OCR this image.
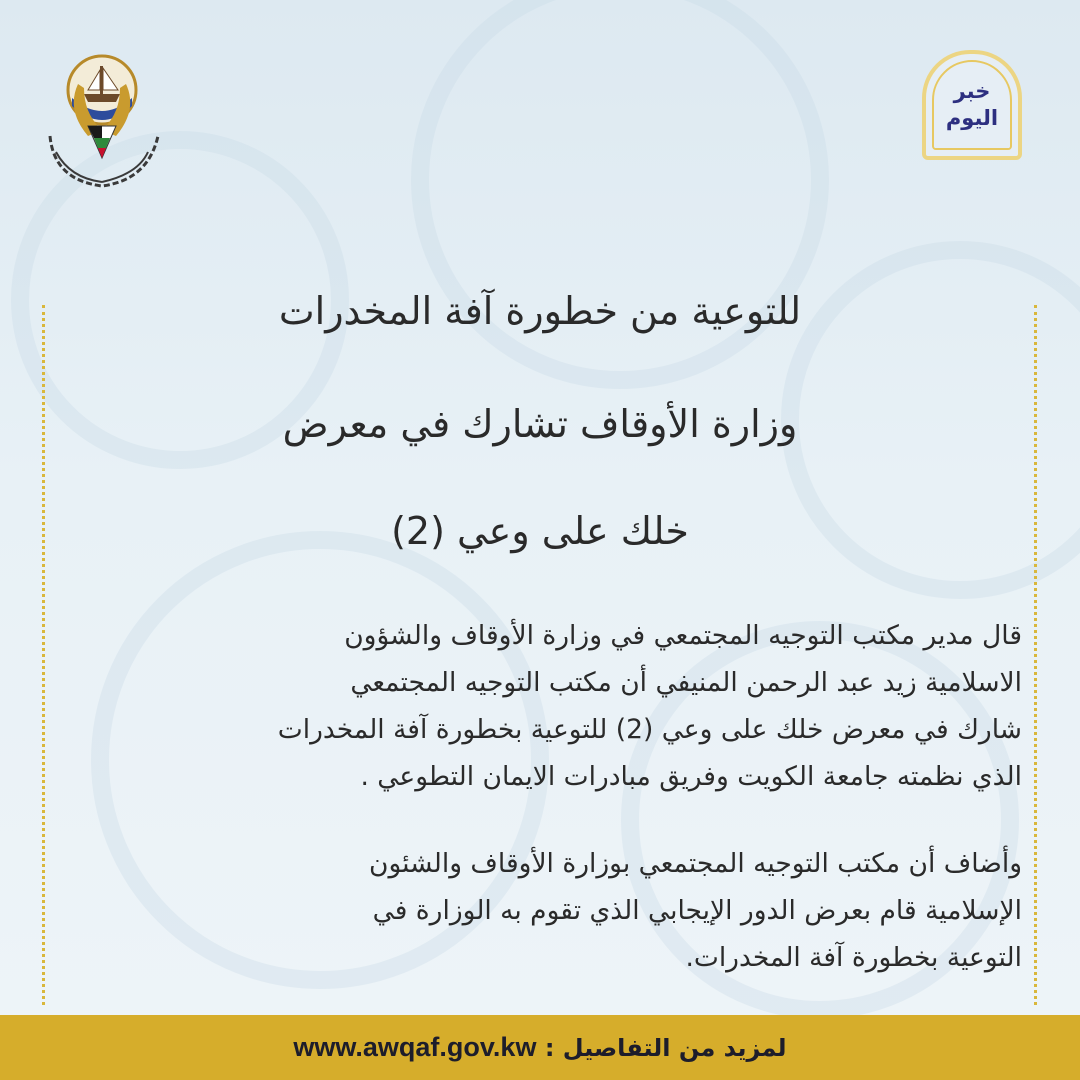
خبر
اليوم
للتوعية من خطورة آفة المخدرات
وزارة الأوقاف تشارك في معرض
خلك على وعي (2)
قال مدير مكتب التوجيه المجتمعي في وزارة الأوقاف والشؤون
الاسلامية زيد عبد الرحمن المنيفي أن مكتب التوجيه المجتمعي
شارك في معرض خلك على وعي (2) للتوعية بخطورة آفة المخدرات
الذي نظمته جامعة الكويت وفريق مبادرات الايمان التطوعي .
وأضاف أن مكتب التوجيه المجتمعي بوزارة الأوقاف والشئون
الإسلامية قام بعرض الدور الإيجابي الذي تقوم به الوزارة في
التوعية بخطورة آفة المخدرات.
لمزيد من التفاصيل : www.awqaf.gov.kw
